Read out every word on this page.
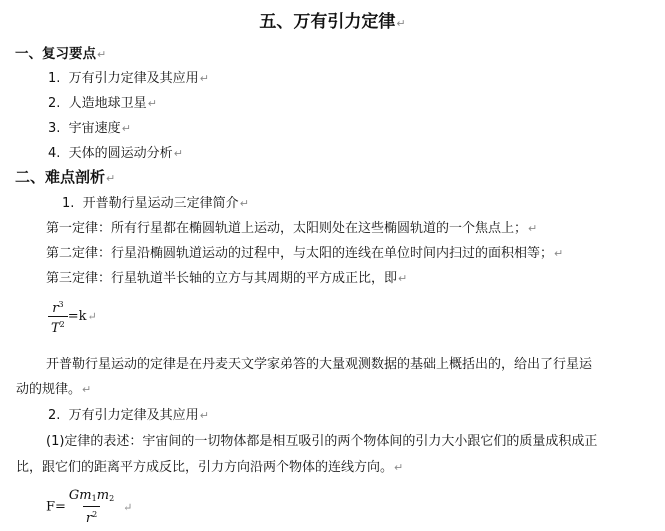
五、万有引力定律↵
一、复习要点↵
1. 万有引力定律及其应用↵
2. 人造地球卫星↵
3. 宇宙速度↵
4. 天体的圆运动分析↵
二、难点剖析↵
1. 开普勒行星运动三定律简介↵
第一定律：所有行星都在椭圆轨道上运动，太阳则处在这些椭圆轨道的一个焦点上；↵
第二定律：行星沿椭圆轨道运动的过程中，与太阳的连线在单位时间内扫过的面积相等；↵
第三定律：行星轨道半长轴的立方与其周期的平方成正比，即↵
$\frac{r^3}{T^2}$ =k↵
开普勒行星运动的定律是在丹麦天文学家弟答的大量观测数据的基础上概括出的，给出了行星运
动的规律。↵
2. 万有引力定律及其应用↵
(1)定律的表述：宇宙间的一切物体都是相互吸引的两个物体间的引力大小跟它们的质量成积成正
比，跟它们的距离平方成反比，引力方向沿两个物体的连线方向。↵
$F= \frac{Gm_1m_2}{r^2}$ ↵
